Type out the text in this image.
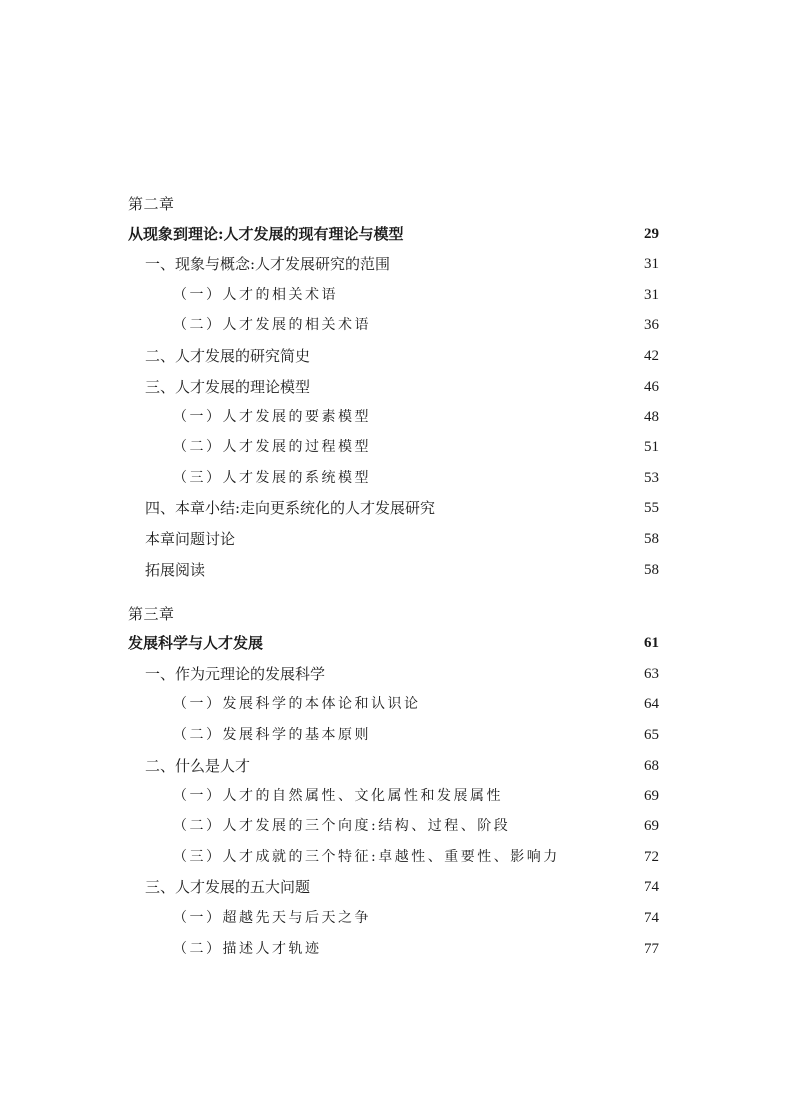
第二章
从现象到理论:人才发展的现有理论与模型	29
一、现象与概念:人才发展研究的范围	31
（一）人才的相关术语	31
（二）人才发展的相关术语	36
二、人才发展的研究简史	42
三、人才发展的理论模型	46
（一）人才发展的要素模型	48
（二）人才发展的过程模型	51
（三）人才发展的系统模型	53
四、本章小结:走向更系统化的人才发展研究	55
本章问题讨论	58
拓展阅读	58
第三章
发展科学与人才发展	61
一、作为元理论的发展科学	63
（一）发展科学的本体论和认识论	64
（二）发展科学的基本原则	65
二、什么是人才	68
（一）人才的自然属性、文化属性和发展属性	69
（二）人才发展的三个向度:结构、过程、阶段	69
（三）人才成就的三个特征:卓越性、重要性、影响力	72
三、人才发展的五大问题	74
（一）超越先天与后天之争	74
（二）描述人才轨迹	77
